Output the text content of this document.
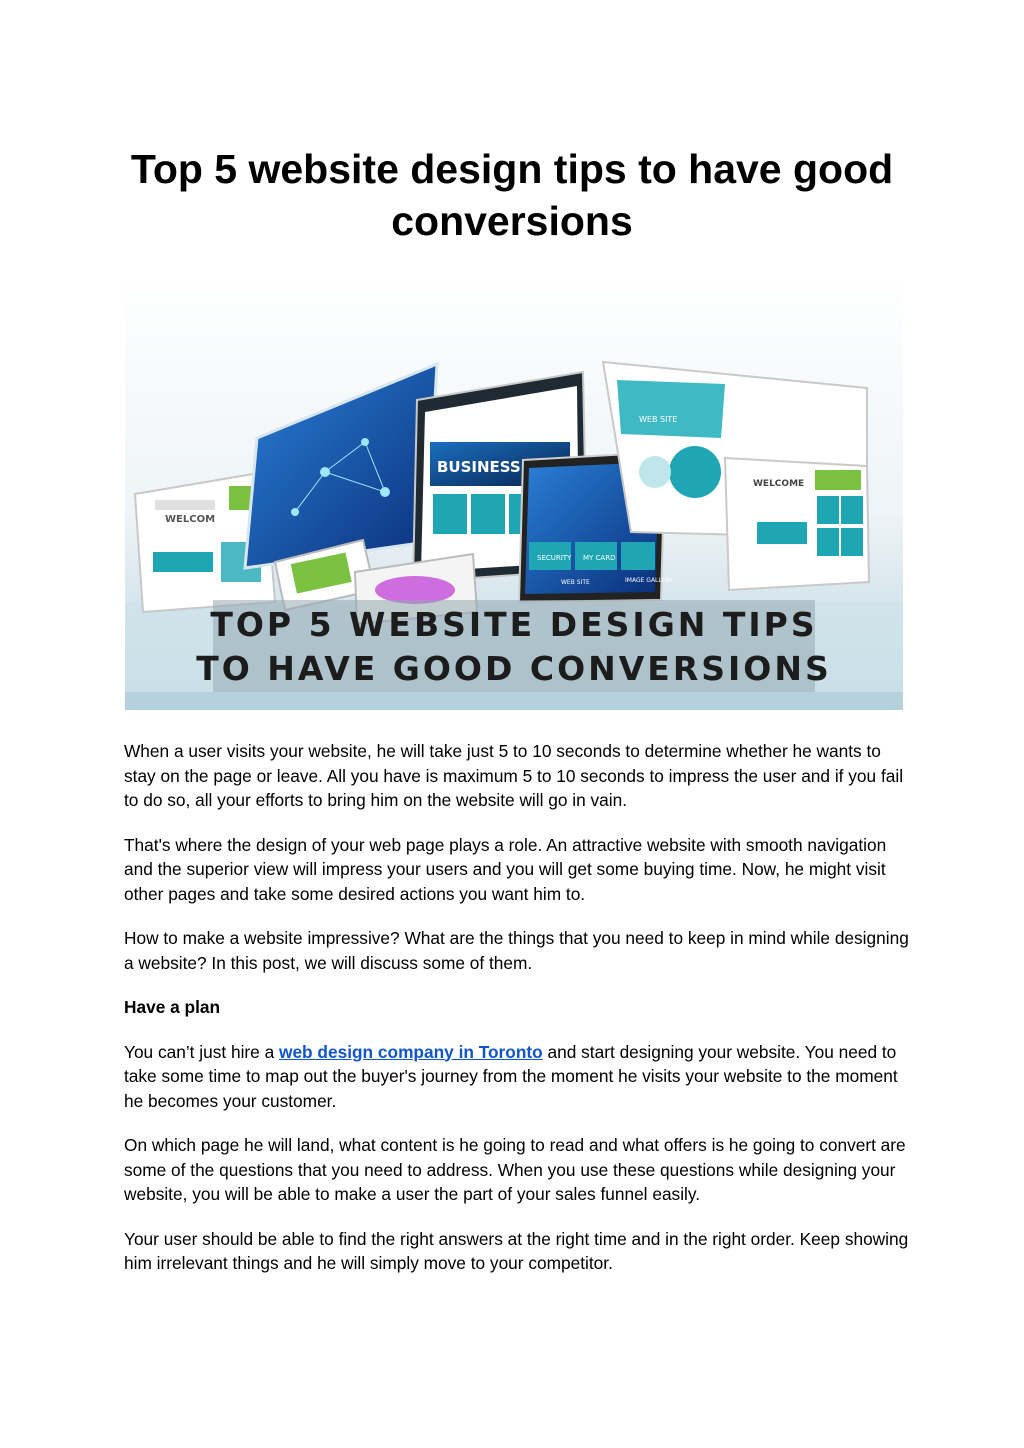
Top 5 website design tips to have good conversions
WELCOM
BUSINESS
SECURITY MY CARD
IMAGE GALLERY
WEB SITE
WEB SITE
WELCOME
TOP 5 WEBSITE DESIGN TIPS
TO HAVE GOOD CONVERSIONS

When a user visits your website, he will take just 5 to 10 seconds to determine whether he wants to stay on the page or leave. All you have is maximum 5 to 10 seconds to impress the user and if you fail to do so, all your efforts to bring him on the website will go in vain.

That's where the design of your web page plays a role. An attractive website with smooth navigation and the superior view will impress your users and you will get some buying time. Now, he might visit other pages and take some desired actions you want him to.

How to make a website impressive? What are the things that you need to keep in mind while designing a website? In this post, we will discuss some of them.

Have a plan

You can’t just hire a web design company in Toronto and start designing your website. You need to take some time to map out the buyer's journey from the moment he visits your website to the moment he becomes your customer.

On which page he will land, what content is he going to read and what offers is he going to convert are some of the questions that you need to address. When you use these questions while designing your website, you will be able to make a user the part of your sales funnel easily.

Your user should be able to find the right answers at the right time and in the right order. Keep showing him irrelevant things and he will simply move to your competitor.
